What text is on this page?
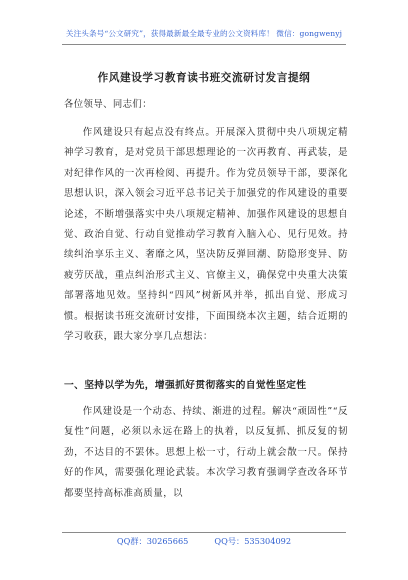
关注头条号“公文研究”，获得最新最全最专业的公文资料库！ 微信：gongwenyj
作风建设学习教育读书班交流研讨发言提纲
各位领导、同志们：

作风建设只有起点没有终点。开展深入贯彻中央八项规定精神学习教育，是对党员干部思想理论的一次再教育、再武装，是对纪律作风的一次再检阅、再提升。作为党员领导干部，要深化思想认识，深入领会习近平总书记关于加强党的作风建设的重要论述，不断增强落实中央八项规定精神、加强作风建设的思想自觉、政治自觉、行动自觉推动学习教育入脑入心、见行见效。持续纠治享乐主义、奢靡之风，坚决防反弹回潮、防隐形变异、防疲劳厌战，重点纠治形式主义、官僚主义，确保党中央重大决策部署落地见效。坚持纠“四风”树新风并举，抓出自觉、形成习惯。根据读书班交流研讨安排，下面围绕本次主题，结合近期的学习收获，跟大家分享几点想法：

一、坚持以学为先，增强抓好贯彻落实的自觉性坚定性

作风建设是一个动态、持续、渐进的过程。解决“顽固性”“反复性”问题，必须以永远在路上的执着，以反复抓、抓反复的韧劲，不达目的不罢休。思想上松一寸，行动上就会散一尺。保持好的作风，需要强化理论武装。本次学习教育强调学查改各环节都要坚持高标准高质量，以

QQ群：30265665	QQ号：535304092
